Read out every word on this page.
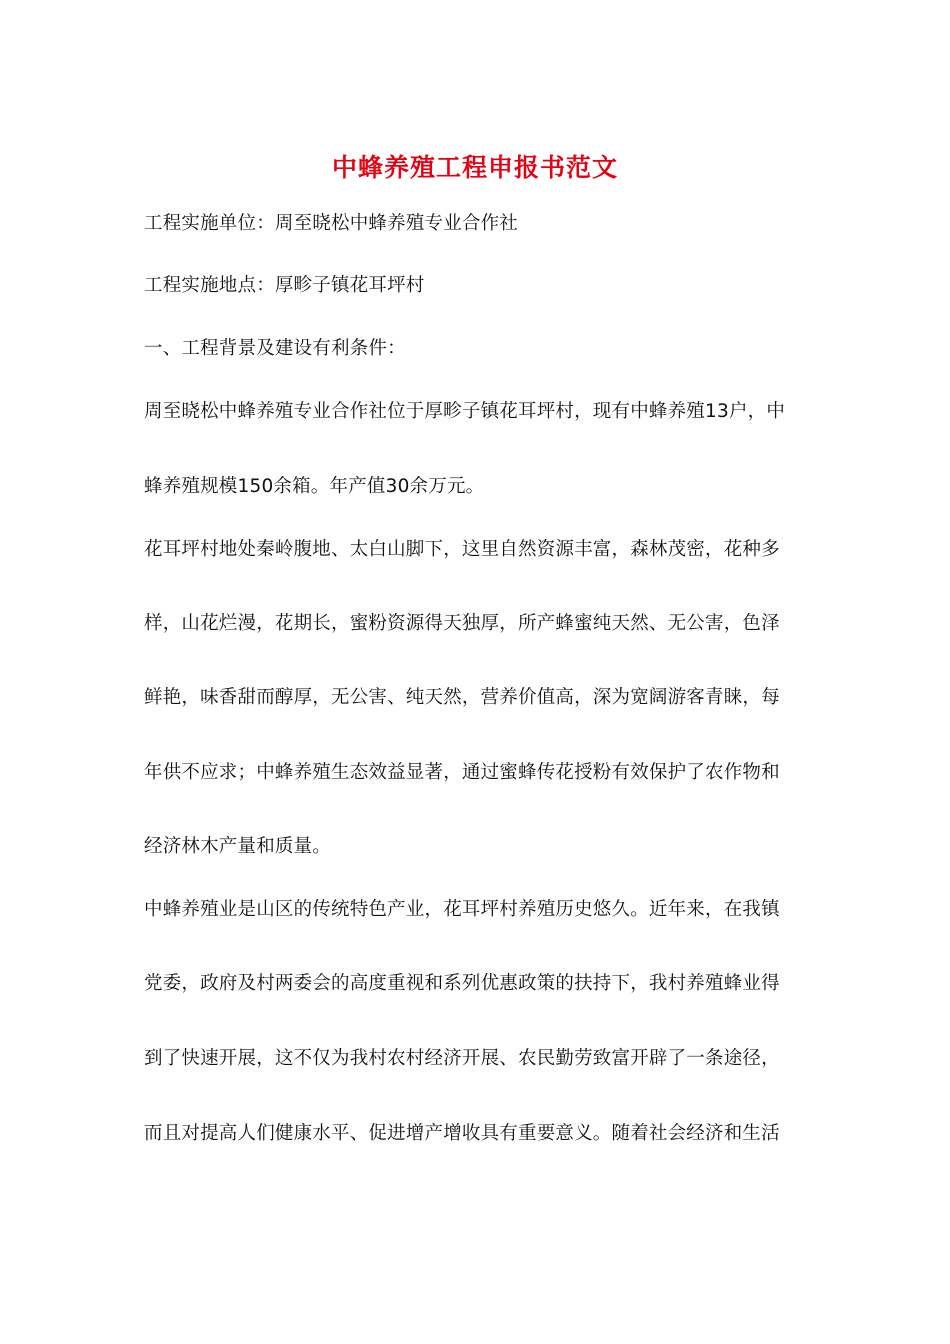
中蜂养殖工程申报书范文
工程实施单位：周至晓松中蜂养殖专业合作社
工程实施地点：厚畛子镇花耳坪村
一、工程背景及建设有利条件：
周至晓松中蜂养殖专业合作社位于厚畛子镇花耳坪村，现有中蜂养殖13户，中
蜂养殖规模150余箱。年产值30余万元。
花耳坪村地处秦岭腹地、太白山脚下，这里自然资源丰富，森林茂密，花种多
样，山花烂漫，花期长，蜜粉资源得天独厚，所产蜂蜜纯天然、无公害，色泽
鲜艳，味香甜而醇厚，无公害、纯天然，营养价值高，深为宽阔游客青睐，每
年供不应求；中蜂养殖生态效益显著，通过蜜蜂传花授粉有效保护了农作物和
经济林木产量和质量。
中蜂养殖业是山区的传统特色产业，花耳坪村养殖历史悠久。近年来，在我镇
党委，政府及村两委会的高度重视和系列优惠政策的扶持下，我村养殖蜂业得
到了快速开展，这不仅为我村农村经济开展、农民勤劳致富开辟了一条途径，
而且对提高人们健康水平、促进增产增收具有重要意义。随着社会经济和生活
